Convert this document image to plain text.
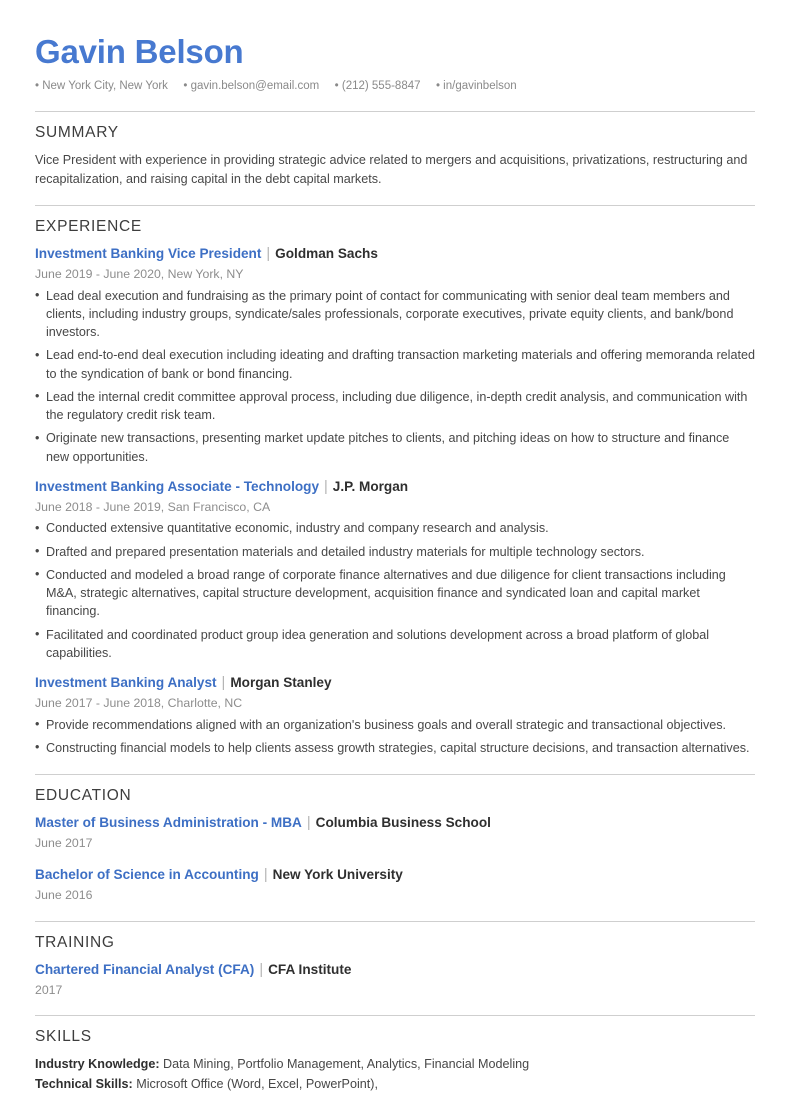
Gavin Belson
• New York City, New York • gavin.belson@email.com • (212) 555-8847 • in/gavinbelson
SUMMARY

Vice President with experience in providing strategic advice related to mergers and acquisitions, privatizations, restructuring and recapitalization, and raising capital in the debt capital markets.

EXPERIENCE
Investment Banking Vice President | Goldman Sachs
June 2019 - June 2020, New York, NY
• Lead deal execution and fundraising as the primary point of contact for communicating with senior deal team members and clients, including industry groups, syndicate/sales professionals, corporate executives, private equity clients, and bank/bond investors.
• Lead end-to-end deal execution including ideating and drafting transaction marketing materials and offering memoranda related to the syndication of bank or bond financing.
• Lead the internal credit committee approval process, including due diligence, in-depth credit analysis, and communication with the regulatory credit risk team.
• Originate new transactions, presenting market update pitches to clients, and pitching ideas on how to structure and finance new opportunities.
Investment Banking Associate - Technology | J.P. Morgan
June 2018 - June 2019, San Francisco, CA
• Conducted extensive quantitative economic, industry and company research and analysis.
• Drafted and prepared presentation materials and detailed industry materials for multiple technology sectors.
• Conducted and modeled a broad range of corporate finance alternatives and due diligence for client transactions including M&A, strategic alternatives, capital structure development, acquisition finance and syndicated loan and capital market financing.
• Facilitated and coordinated product group idea generation and solutions development across a broad platform of global capabilities.
Investment Banking Analyst | Morgan Stanley
June 2017 - June 2018, Charlotte, NC
• Provide recommendations aligned with an organization's business goals and overall strategic and transactional objectives.
• Constructing financial models to help clients assess growth strategies, capital structure decisions, and transaction alternatives.
EDUCATION
Master of Business Administration - MBA | Columbia Business School
June 2017
Bachelor of Science in Accounting | New York University
June 2016
TRAINING
Chartered Financial Analyst (CFA) | CFA Institute
2017
SKILLS
Industry Knowledge: Data Mining, Portfolio Management, Analytics, Financial Modeling
Technical Skills: Microsoft Office (Word, Excel, PowerPoint),
